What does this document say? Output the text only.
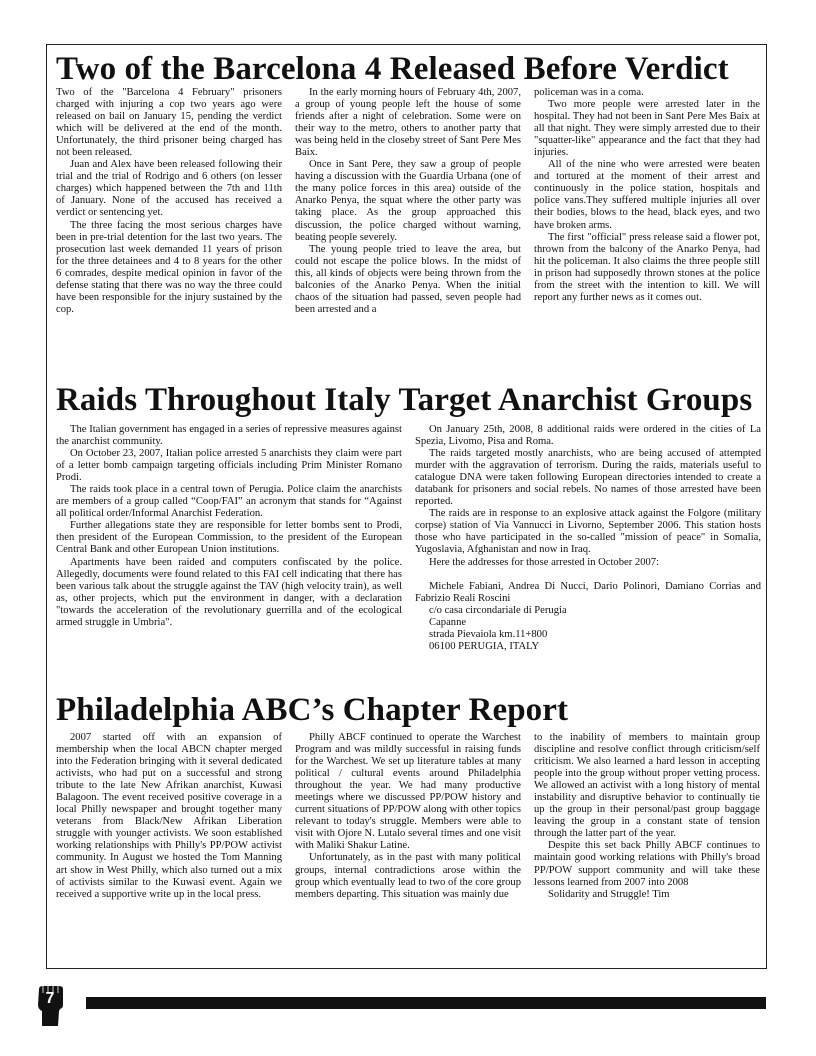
Two of the Barcelona 4 Released Before Verdict

Two of the "Barcelona 4 February" prisoners charged with injuring a cop two years ago were released on bail on January 15, pending the verdict which will be delivered at the end of the month. Unfortunately, the third prisoner being charged has not been released.

Juan and Alex have been released following their trial and the trial of Rodrigo and 6 others (on lesser charges) which happened between the 7th and 11th of January. None of the accused has received a verdict or sentencing yet.

The three facing the most serious charges have been in pre-trial detention for the last two years. The prosecution last week demanded 11 years of prison for the three detainees and 4 to 8 years for the other 6 comrades, despite medical opinion in favor of the defense stating that there was no way the three could have been responsible for the injury sustained by the cop.

In the early morning hours of February 4th, 2007, a group of young people left the house of some friends after a night of celebration. Some were on their way to the metro, others to another party that was being held in the closeby street of Sant Pere Mes Baix.

Once in Sant Pere, they saw a group of people having a discussion with the Guardia Urbana (one of the many police forces in this area) outside of the Anarko Penya, the squat where the other party was taking place. As the group approached this discussion, the police charged without warning, beating people severely.

The young people tried to leave the area, but could not escape the police blows. In the midst of this, all kinds of objects were being thrown from the balconies of the Anarko Penya. When the initial chaos of the situation had passed, seven people had been arrested and a

policeman was in a coma.

Two more people were arrested later in the hospital. They had not been in Sant Pere Mes Baix at all that night. They were simply arrested due to their "squatter-like" appearance and the fact that they had injuries.

All of the nine who were arrested were beaten and tortured at the moment of their arrest and continuously in the police station, hospitals and police vans.They suffered multiple injuries all over their bodies, blows to the head, black eyes, and two have broken arms.

The first "official" press release said a flower pot, thrown from the balcony of the Anarko Penya, had hit the policeman. It also claims the three people still in prison had supposedly thrown stones at the police from the street with the intention to kill. We will report any further news as it comes out.

Raids Throughout Italy Target Anarchist Groups

The Italian government has engaged in a series of repressive measures against the anarchist community.

On October 23, 2007, Italian police arrested 5 anarchists they claim were part of a letter bomb campaign targeting officials including Prim Minister Romano Prodi.

The raids took place in a central town of Perugia. Police claim the anarchists are members of a group called “Coop/FAI” an acronym that stands for “Against all political order/Informal Anarchist Federation.

Further allegations state they are responsible for letter bombs sent to Prodi, then president of the European Commission, to the president of the European Central Bank and other European Union institutions.

Apartments have been raided and computers confiscated by the police. Allegedly, documents were found related to this FAI cell indicating that there has been various talk about the struggle against the TAV (high velocity train), as well as, other projects, which put the environment in danger, with a declaration "towards the acceleration of the revolutionary guerrilla and of the ecological armed struggle in Umbria".

On January 25th, 2008, 8 additional raids were ordered in the cities of La Spezia, Livomo, Pisa and Roma.

The raids targeted mostly anarchists, who are being accused of attempted murder with the aggravation of terrorism. During the raids, materials useful to catalogue DNA were taken following European directories intended to create a databank for prisoners and social rebels. No names of those arrested have been reported.

The raids are in response to an explosive attack against the Folgore (military corpse) station of Via Vannucci in Livorno, September 2006. This station hosts those who have participated in the so-called "mission of peace" in Somalia, Yugoslavia, Afghanistan and now in Iraq.

Here the addresses for those arrested in October 2007:

Michele Fabiani, Andrea Di Nucci, Dario Polinori, Damiano Corrias and Fabrizio Reali Roscini

c/o casa circondariale di Perugia

Capanne

strada Pievaiola km.11+800

06100 PERUGIA, ITALY

Philadelphia ABC’s Chapter Report

2007 started off with an expansion of membership when the local ABCN chapter merged into the Federation bringing with it several dedicated activists, who had put on a successful and strong tribute to the late New Afrikan anarchist, Kuwasi Balagoon. The event received positive coverage in a local Philly newspaper and brought together many veterans from Black/New Afrikan Liberation struggle with younger activists. We soon established working relationships with Philly's PP/POW activist community. In August we hosted the Tom Manning art show in West Philly, which also turned out a mix of activists similar to the Kuwasi event. Again we received a supportive write up in the local press.

Philly ABCF continued to operate the Warchest Program and was mildly successful in raising funds for the Warchest. We set up literature tables at many political / cultural events around Philadelphia throughout the year. We had many productive meetings where we discussed PP/POW history and current situations of PP/POW along with other topics relevant to today's struggle. Members were able to visit with Ojore N. Lutalo several times and one visit with Maliki Shakur Latine.

Unfortunately, as in the past with many political groups, internal contradictions arose within the group which eventually lead to two of the core group members departing. This situation was mainly due

to the inability of members to maintain group discipline and resolve conflict through criticism/self criticism. We also learned a hard lesson in accepting people into the group without proper vetting process. We allowed an activist with a long history of mental instability and disruptive behavior to continually tie up the group in their personal/past group baggage leaving the group in a constant state of tension through the latter part of the year.

Despite this set back Philly ABCF continues to maintain good working relations with Philly's broad PP/POW support community and will take these lessons learned from 2007 into 2008

Solidarity and Struggle! Tim

7
